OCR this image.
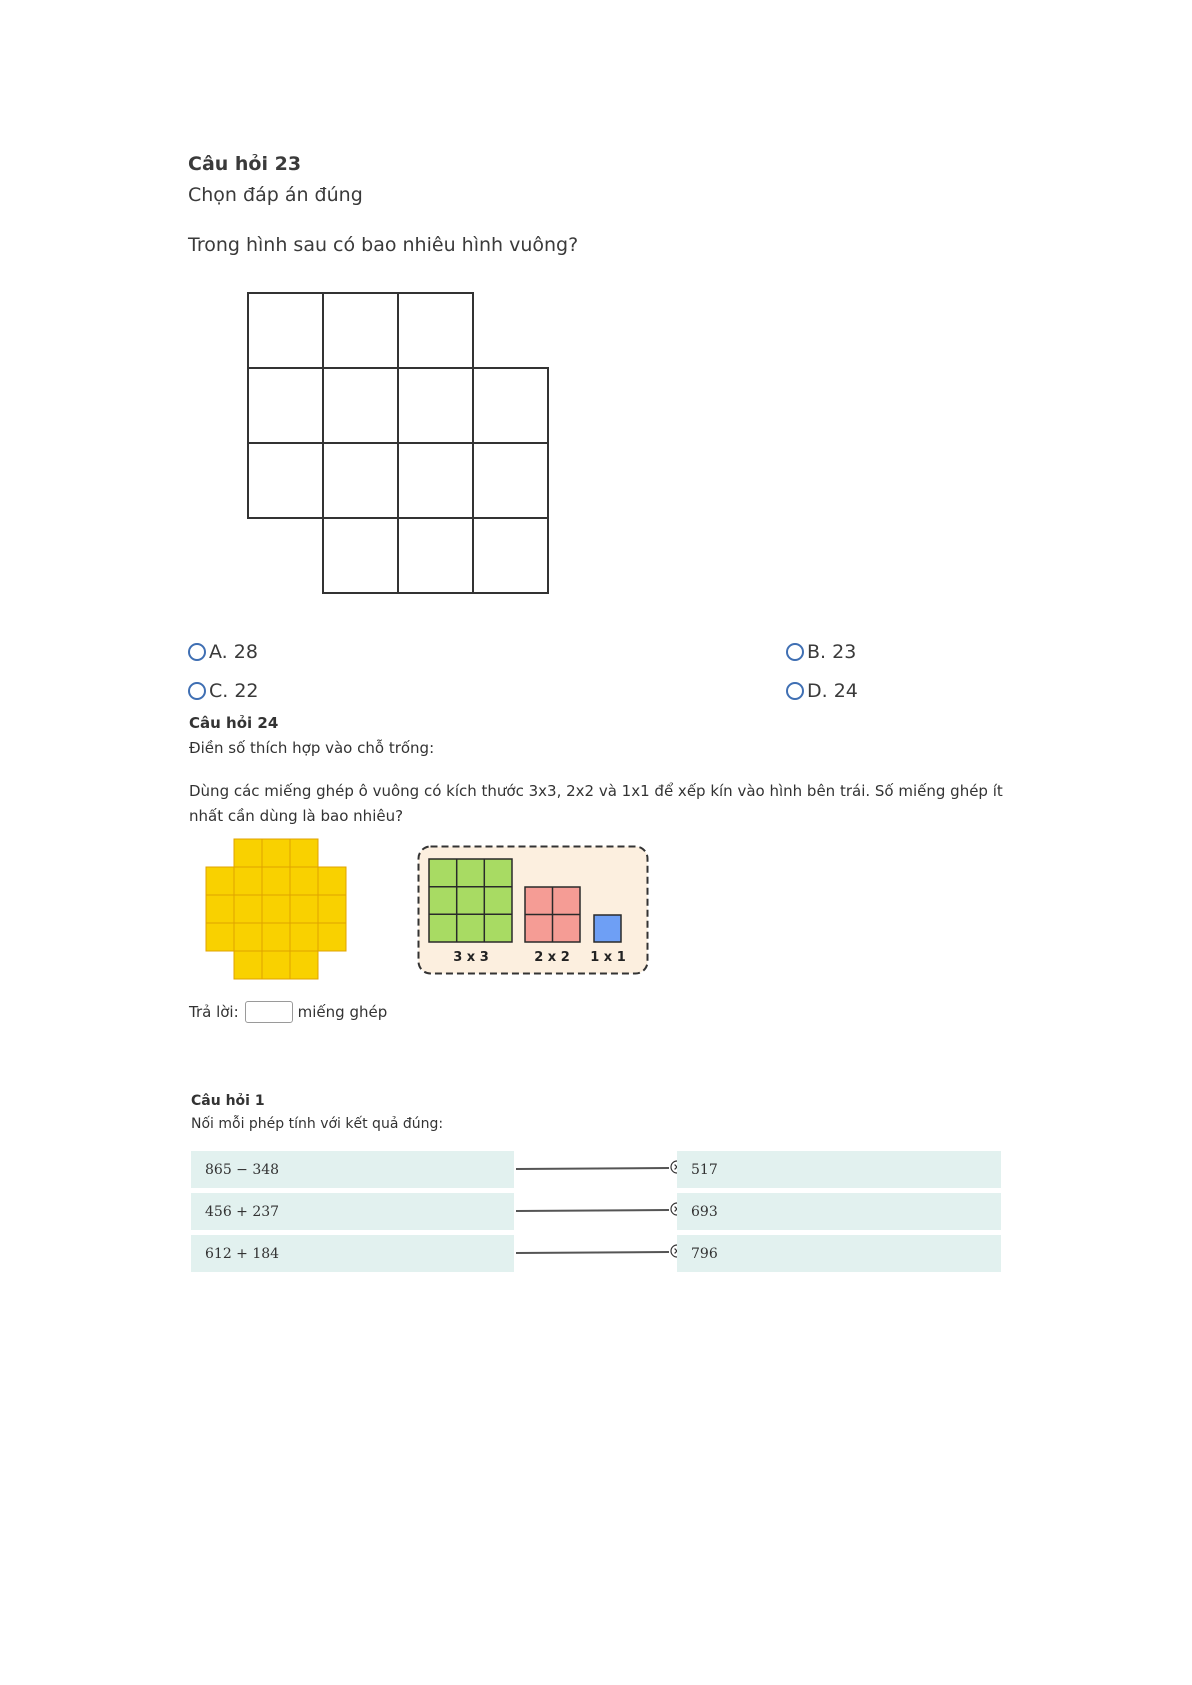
Câu hỏi 23
Chọn đáp án đúng
Trong hình sau có bao nhiêu hình vuông?
A. 28	B. 23
C. 22	D. 24
Câu hỏi 24
Điền số thích hợp vào chỗ trống:
Dùng các miếng ghép ô vuông có kích thước 3x3, 2x2 và 1x1 để xếp kín vào hình bên trái. Số miếng ghép ít nhất cần dùng là bao nhiêu?
3 x 3	2 x 2 1 x 1
Trả lời:	miếng ghép
Câu hỏi 1
Nối mỗi phép tính với kết quả đúng:
865 − 348	517
456 + 237	693
612 + 184	796
